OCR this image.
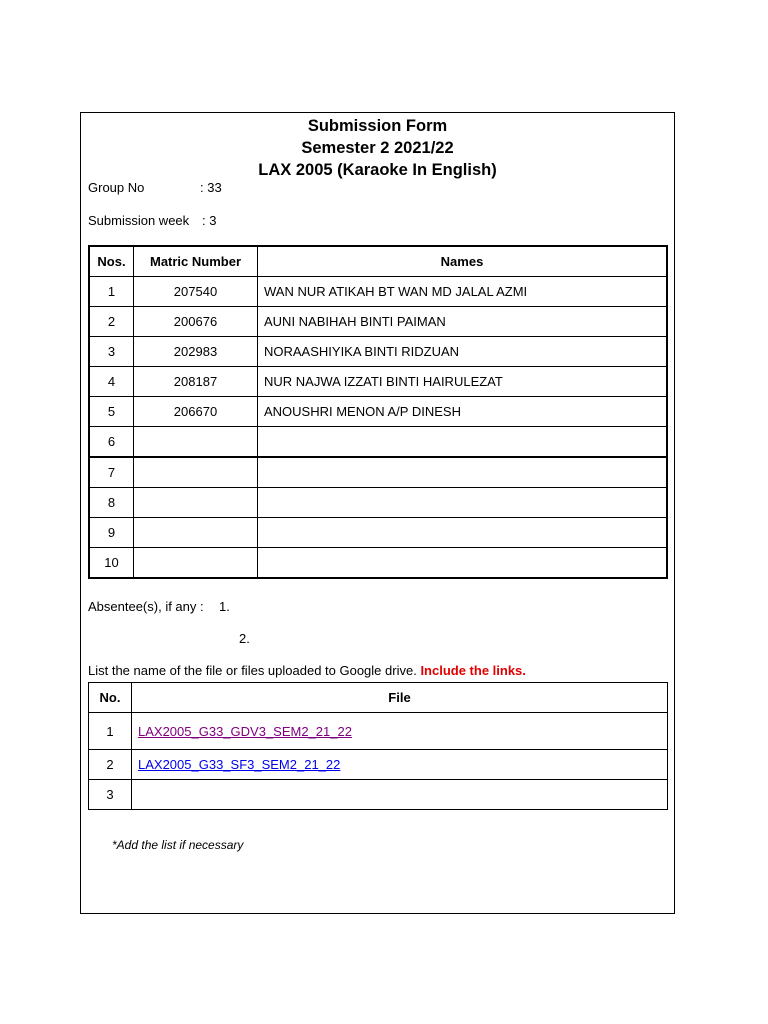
Submission Form
Semester 2 2021/22
LAX 2005 (Karaoke In English)
Group No	: 33
Submission week : 3
Nos.	Matric Number	Names
1	207540	WAN NUR ATIKAH BT WAN MD JALAL AZMI
2	200676	AUNI NABIHAH BINTI PAIMAN
3	202983	NORAASHIYIKA BINTI RIDZUAN
4	208187	NUR NAJWA IZZATI BINTI HAIRULEZAT
5	206670	ANOUSHRI MENON A/P DINESH
6		
7		
8		
9		
10		
Absentee(s), if any : 1.
2.
List the name of the file or files uploaded to Google drive. Include the links.
No.	File
1	LAX2005_G33_GDV3_SEM2_21_22
2	LAX2005_G33_SF3_SEM2_21_22
3	
*Add the list if necessary
